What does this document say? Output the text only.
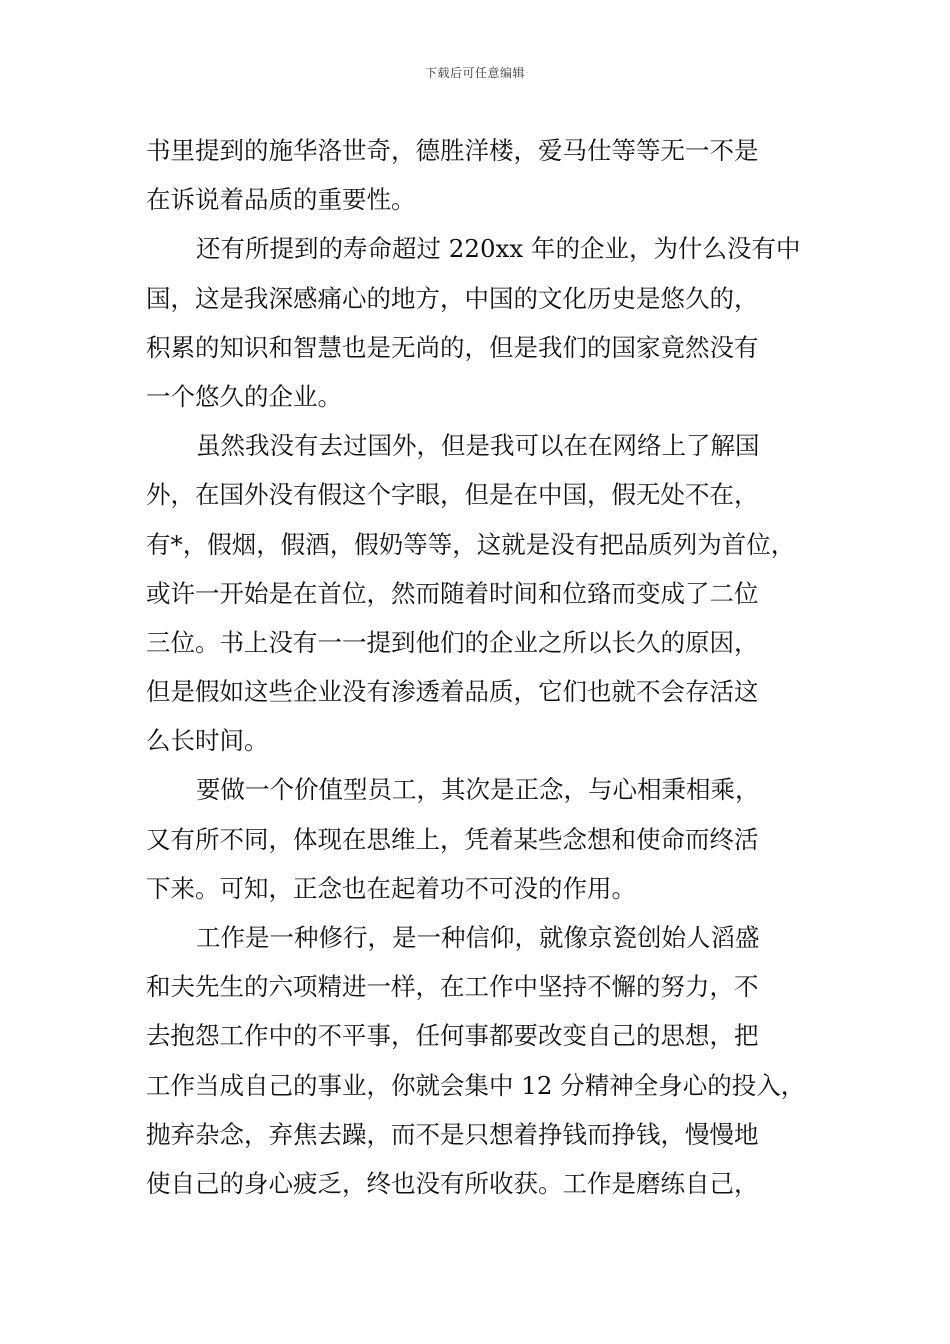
下载后可任意编辑
书里提到的施华洛世奇，德胜洋楼，爱马仕等等无一不是
在诉说着品质的重要性。
还有所提到的寿命超过 220xx 年的企业，为什么没有中
国，这是我深感痛心的地方，中国的文化历史是悠久的，
积累的知识和智慧也是无尚的，但是我们的国家竟然没有
一个悠久的企业。
虽然我没有去过国外，但是我可以在在网络上了解国
外，在国外没有假这个字眼，但是在中国，假无处不在，
有*，假烟，假酒，假奶等等，这就是没有把品质列为首位，
或许一开始是在首位，然而随着时间和位臵而变成了二位
三位。书上没有一一提到他们的企业之所以长久的原因，
但是假如这些企业没有渗透着品质，它们也就不会存活这
么长时间。
要做一个价值型员工，其次是正念，与心相秉相乘，
又有所不同，体现在思维上，凭着某些念想和使命而终活
下来。可知，正念也在起着功不可没的作用。
工作是一种修行，是一种信仰，就像京瓷创始人滔盛
和夫先生的六项精进一样，在工作中坚持不懈的努力，不
去抱怨工作中的不平事，任何事都要改变自己的思想，把
工作当成自己的事业，你就会集中 12 分精神全身心的投入，
抛弃杂念，弃焦去躁，而不是只想着挣钱而挣钱，慢慢地
使自己的身心疲乏，终也没有所收获。工作是磨练自己，
